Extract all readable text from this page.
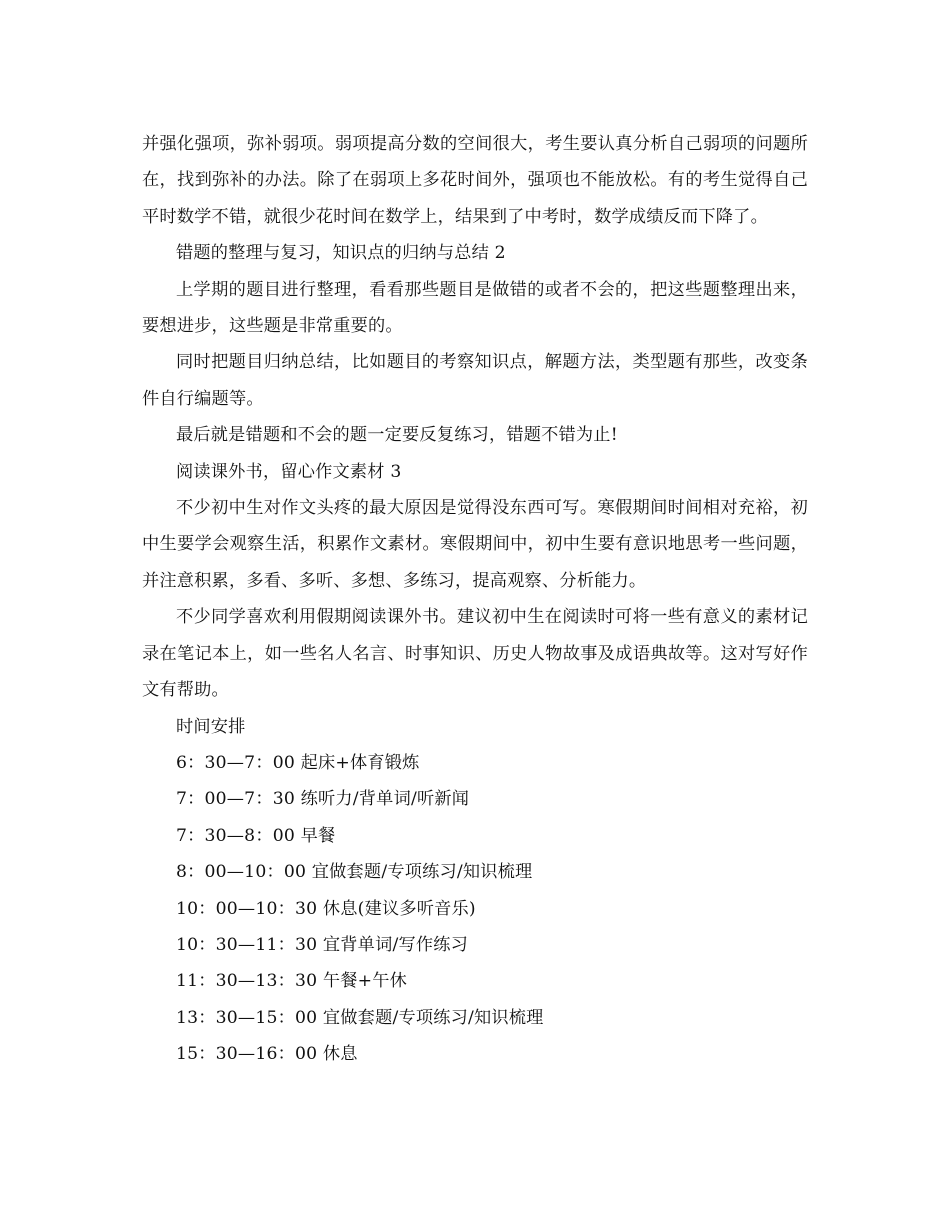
并强化强项，弥补弱项。弱项提高分数的空间很大，考生要认真分析自己弱项的问题所在，找到弥补的办法。除了在弱项上多花时间外，强项也不能放松。有的考生觉得自己平时数学不错，就很少花时间在数学上，结果到了中考时，数学成绩反而下降了。

错题的整理与复习，知识点的归纳与总结 2

上学期的题目进行整理，看看那些题目是做错的或者不会的，把这些题整理出来，要想进步，这些题是非常重要的。

同时把题目归纳总结，比如题目的考察知识点，解题方法，类型题有那些，改变条件自行编题等。

最后就是错题和不会的题一定要反复练习，错题不错为止!

阅读课外书，留心作文素材 3

不少初中生对作文头疼的最大原因是觉得没东西可写。寒假期间时间相对充裕，初中生要学会观察生活，积累作文素材。寒假期间中，初中生要有意识地思考一些问题，并注意积累，多看、多听、多想、多练习，提高观察、分析能力。

不少同学喜欢利用假期阅读课外书。建议初中生在阅读时可将一些有意义的素材记录在笔记本上，如一些名人名言、时事知识、历史人物故事及成语典故等。这对写好作文有帮助。

时间安排

6：30—7：00 起床+体育锻炼

7：00—7：30 练听力/背单词/听新闻

7：30—8：00 早餐

8：00—10：00 宜做套题/专项练习/知识梳理

10：00—10：30 休息(建议多听音乐)

10：30—11：30 宜背单词/写作练习

11：30—13：30 午餐+午休

13：30—15：00 宜做套题/专项练习/知识梳理

15：30—16：00 休息
